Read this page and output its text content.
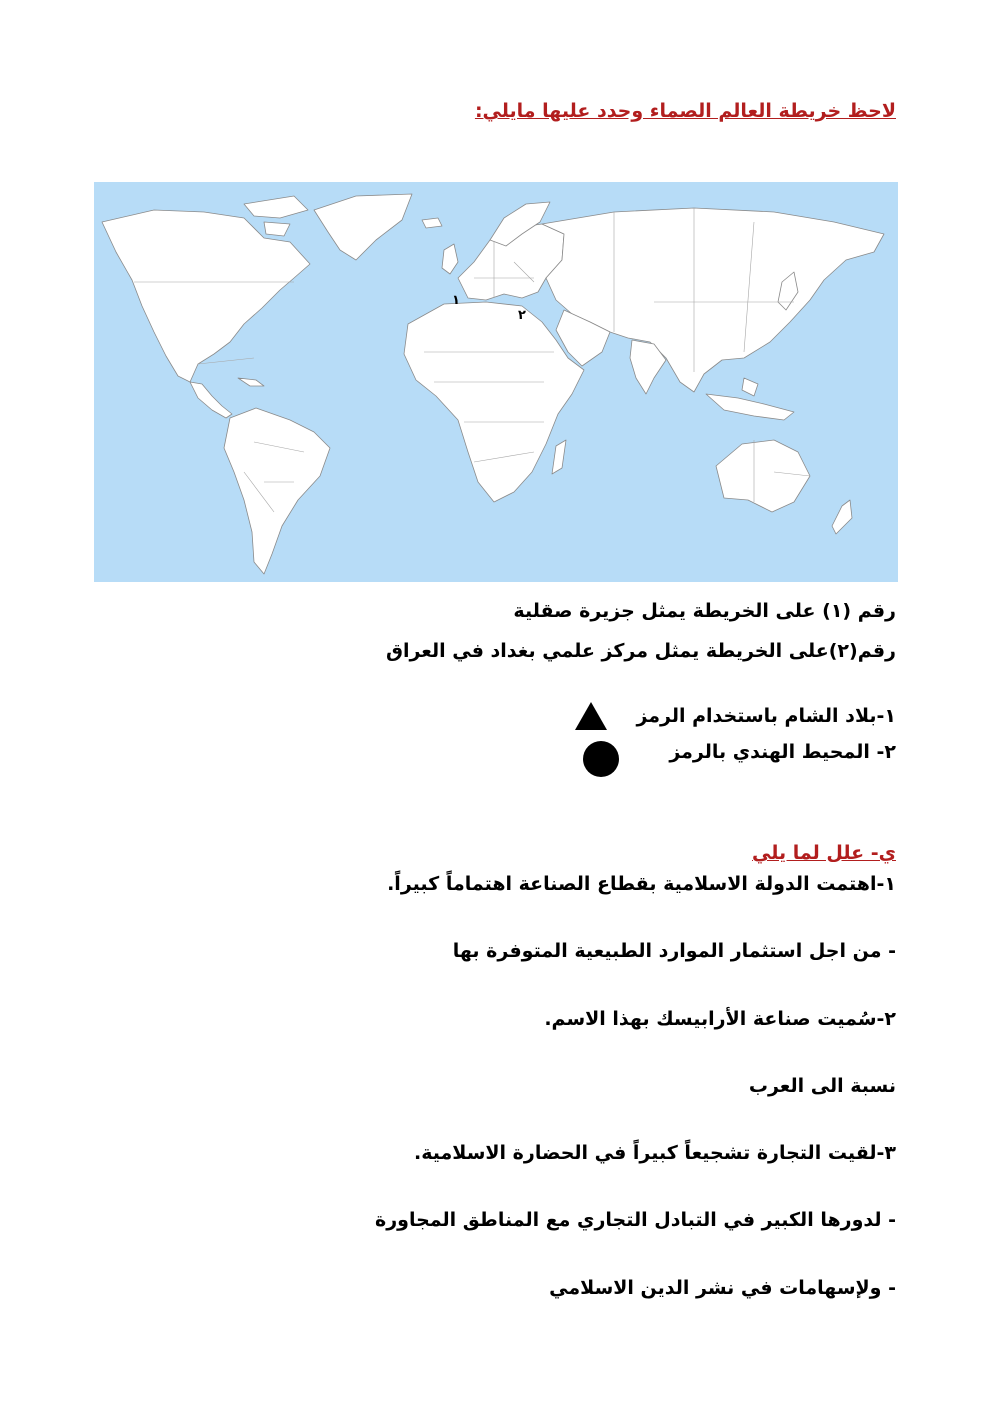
لاحظ خريطة العالم الصماء وحدد عليها مايلي:
١
٢
رقم (١) على الخريطة يمثل جزيرة صقلية
رقم(٢)على الخريطة يمثل مركز علمي بغداد في العراق
١-بلاد الشام باستخدام الرمز
٢- المحيط الهندي بالرمز
ي- علل لما يلي
١-اهتمت الدولة الاسلامية بقطاع الصناعة اهتماماً كبيراً.
- من اجل استثمار الموارد الطبيعية المتوفرة بها
٢-سُميت صناعة الأرابيسك بهذا الاسم.
نسبة الى العرب
٣-لقيت التجارة تشجيعاً كبيراً في الحضارة الاسلامية.
- لدورها الكبير في التبادل التجاري مع المناطق المجاورة
- ولإسهامات في نشر الدين الاسلامي
